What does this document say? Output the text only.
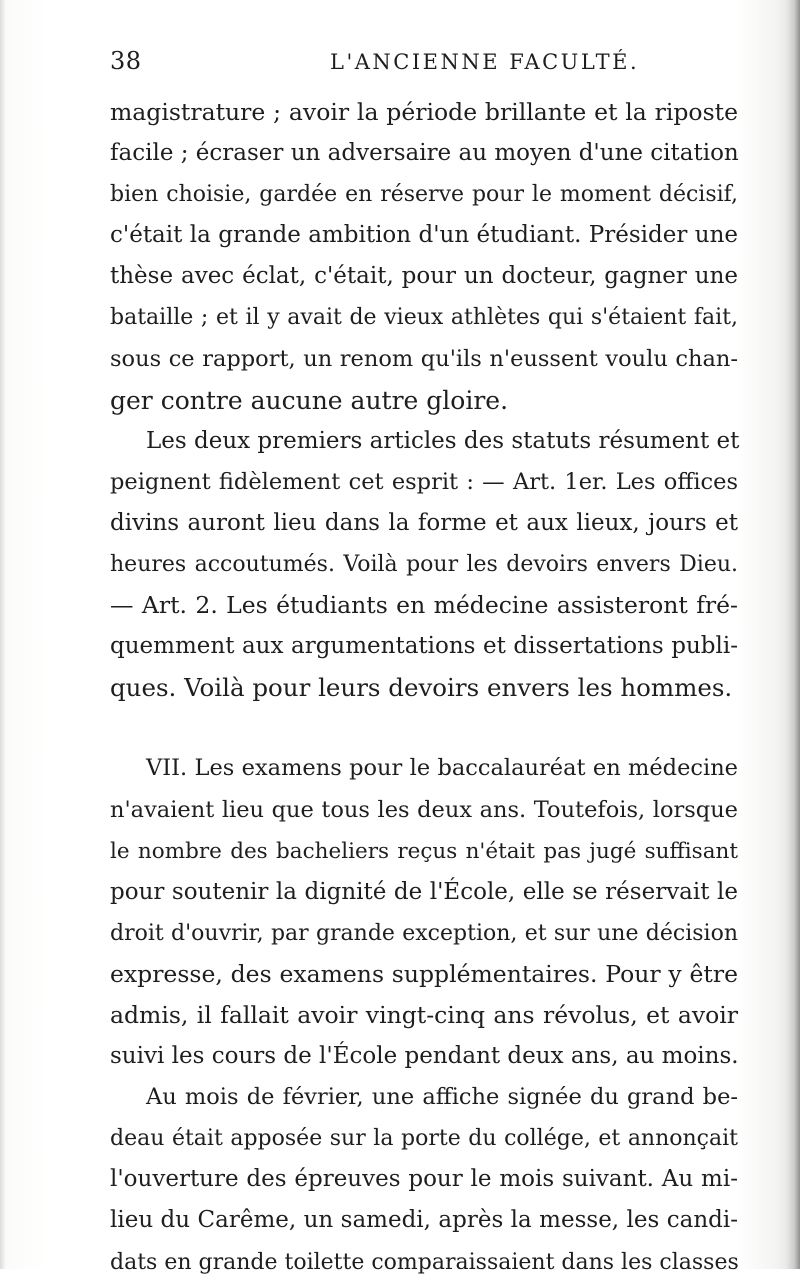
38	L'ANCIENNE FACULTÉ.
magistrature ; avoir la période brillante et la riposte
facile ; écraser un adversaire au moyen d'une citation
bien choisie, gardée en réserve pour le moment décisif,
c'était la grande ambition d'un étudiant. Présider une
thèse avec éclat, c'était, pour un docteur, gagner une
bataille ; et il y avait de vieux athlètes qui s'étaient fait,
sous ce rapport, un renom qu'ils n'eussent voulu chan-
ger contre aucune autre gloire.
Les deux premiers articles des statuts résument et
peignent fidèlement cet esprit : — Art. 1er. Les offices
divins auront lieu dans la forme et aux lieux, jours et
heures accoutumés. Voilà pour les devoirs envers Dieu.
— Art. 2. Les étudiants en médecine assisteront fré-
quemment aux argumentations et dissertations publi-
ques. Voilà pour leurs devoirs envers les hommes.
VII. Les examens pour le baccalauréat en médecine
n'avaient lieu que tous les deux ans. Toutefois, lorsque
le nombre des bacheliers reçus n'était pas jugé suffisant
pour soutenir la dignité de l'École, elle se réservait le
droit d'ouvrir, par grande exception, et sur une décision
expresse, des examens supplémentaires. Pour y être
admis, il fallait avoir vingt-cinq ans révolus, et avoir
suivi les cours de l'École pendant deux ans, au moins.
Au mois de février, une affiche signée du grand be-
deau était apposée sur la porte du collége, et annonçait
l'ouverture des épreuves pour le mois suivant. Au mi-
lieu du Carême, un samedi, après la messe, les candi-
dats en grande toilette comparaissaient dans les classes
